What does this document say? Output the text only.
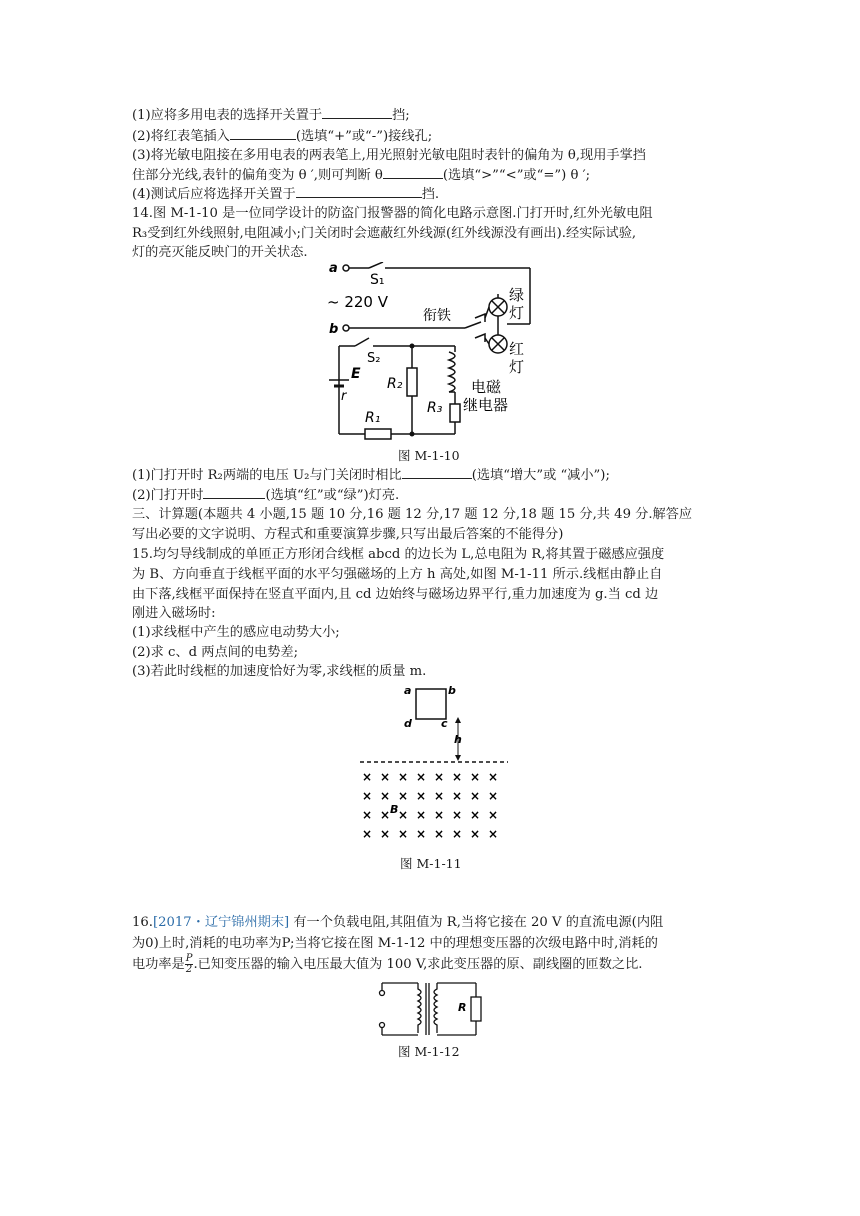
(1)应将多用电表的选择开关置于	挡;
(2)将红表笔插入	(选填“+”或“-”)接线孔;
(3)将光敏电阻接在多用电表的两表笔上,用光照射光敏电阻时表针的偏角为 θ,现用手掌挡
住部分光线,表针的偏角变为 θ ′,则可判断 θ	(选填“>”“<”或“=”) θ ′;
(4)测试后应将选择开关置于	挡.
14.图 M-1-10 是一位同学设计的防盗门报警器的简化电路示意图.门打开时,红外光敏电阻
R₃受到红外线照射,电阻减小;门关闭时会遮蔽红外线源(红外线源没有画出).经实际试验,
灯的亮灭能反映门的开关状态.
a
S₁
~ 220 V
b
衔铁
绿
灯
红
灯
S₂
E
r
R₂
R₁
R₃
电磁
继电器
图 M-1-10
(1)门打开时 R₂两端的电压 U₂与门关闭时相比	(选填“增大”或 “减小”);
(2)门打开时	(选填“红”或“绿”)灯亮.
三、计算题(本题共 4 小题,15 题 10 分,16 题 12 分,17 题 12 分,18 题 15 分,共 49 分.解答应
写出必要的文字说明、方程式和重要演算步骤,只写出最后答案的不能得分)
15.均匀导线制成的单匝正方形闭合线框 abcd 的边长为 L,总电阻为 R,将其置于磁感应强度
为 B、方向垂直于线框平面的水平匀强磁场的上方 h 高处,如图 M-1-11 所示.线框由静止自
由下落,线框平面保持在竖直平面内,且 cd 边始终与磁场边界平行,重力加速度为 g.当 cd 边
刚进入磁场时:
(1)求线框中产生的感应电动势大小;
(2)求 c、d 两点间的电势差;
(3)若此时线框的加速度恰好为零,求线框的质量 m.
a	b
d	c
h
× × × × × × × ×
× × × × × × × ×
× × × × × × × ×
× × × × × × × ×
B
图 M-1-11
16.[2017・辽宁锦州期末] 有一个负载电阻,其阻值为 R,当将它接在 20 V 的直流电源(内阻
为0)上时,消耗的电功率为P;当将它接在图 M-1-12 中的理想变压器的次级电路中时,消耗的
电功率是 $\frac{P}{2}$ .已知变压器的输入电压最大值为 100 V,求此变压器的原、副线圈的匝数之比.
R
图 M-1-12
